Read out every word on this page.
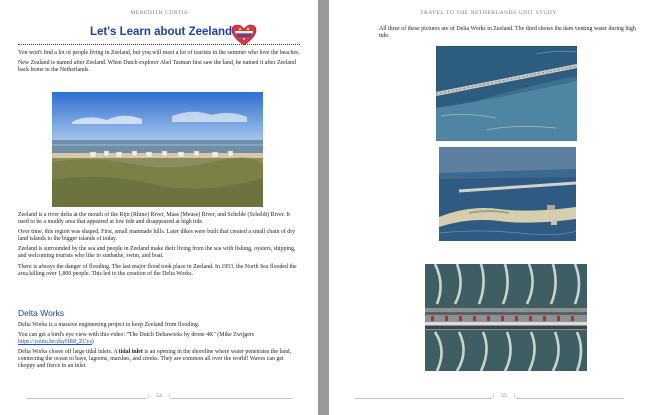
MEREDITH CURTIS
Let's Learn about Zeeland

You won't find a lot of people living in Zeeland, but you will meet a lot of tourists in the summer who love the beaches.

New Zealand is named after Zeeland. When Dutch explorer Abel Tasman first saw the land, he named it after Zeeland back home in the Netherlands.

Zeeland is a river delta at the mouth of the Rijn (Rhine) River, Maas (Meuse) River, and Schelde (Scheldt) River. It used to be a muddy area that appeared at low tide and disappeared at high tide.

Over time, this region was shaped. First, small manmade hills. Later dikes were built that created a small chain of dry land islands to the bigger islands of today.

Zeeland is surrounded by the sea and people in Zeeland make their living from the sea with fishing, oysters, shipping, and welcoming tourists who like to sunbathe, swim, and boat.

There is always the danger of flooding. The last major flood took place in Zeeland. In 1953, the North Sea flooded the area killing over 1,800 people. This led to the creation of the Delta Works.

Delta Works

Delta Works is a massive engineering project to keep Zeeland from flooding.

You can get a bird's eye view with this video: "The Dutch Deltaworks by drone 4K" (Mike Zwijgers https://youtu.be/zkyHR8_ZCys)

Delta Works closes off large tidal inlets. A tidal inlet is an opening in the shoreline where water penetrates the land, connecting the ocean to bays, lagoons, marshes, and creeks. They are common all over the world! Waves can get choppy and fierce in an inlet.

( 54 )
TRAVEL TO THE NETHERLANDS UNIT STUDY

All three of these pictures are of Delta Works in Zeeland. The third shows the dam venting water during high tide.

( 55 )
